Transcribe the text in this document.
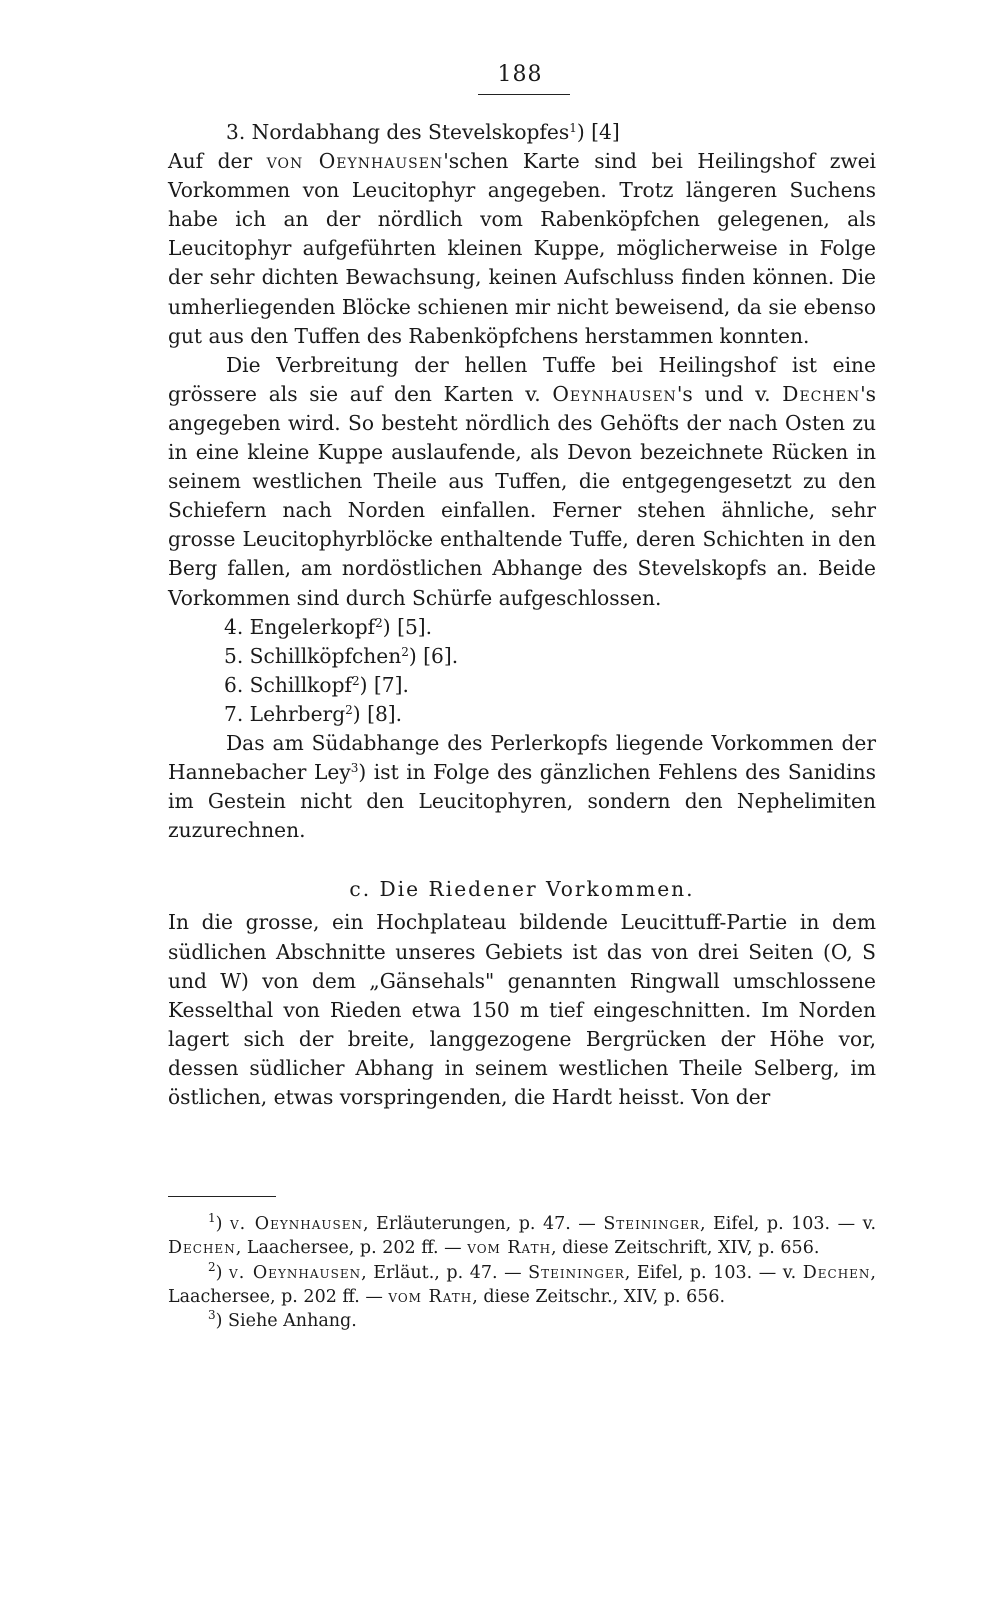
188

3. Nordabhang des Stevelskopfes$^1$) [4]

Auf der von Oeynhausen'schen Karte sind bei Heilingshof zwei Vorkommen von Leucitophyr angegeben. Trotz längeren Suchens habe ich an der nördlich vom Rabenköpfchen gelegenen, als Leucitophyr aufgeführten kleinen Kuppe, möglicherweise in Folge der sehr dichten Bewachsung, keinen Aufschluss finden können. Die umherliegenden Blöcke schienen mir nicht beweisend, da sie ebenso gut aus den Tuffen des Rabenköpfchens herstammen konnten.

Die Verbreitung der hellen Tuffe bei Heilingshof ist eine grössere als sie auf den Karten v. Oeynhausen's und v. Dechen's angegeben wird. So besteht nördlich des Gehöfts der nach Osten zu in eine kleine Kuppe auslaufende, als Devon bezeichnete Rücken in seinem westlichen Theile aus Tuffen, die entgegengesetzt zu den Schiefern nach Norden einfallen. Ferner stehen ähnliche, sehr grosse Leucitophyrblöcke enthaltende Tuffe, deren Schichten in den Berg fallen, am nordöstlichen Abhange des Stevelskopfs an. Beide Vorkommen sind durch Schürfe aufgeschlossen.

4. Engelerkopf$^2$) [5].

5. Schillköpfchen$^2$) [6].

6. Schillkopf$^2$) [7].

7. Lehrberg$^2$) [8].

Das am Südabhange des Perlerkopfs liegende Vorkommen der Hannebacher Ley$^3$) ist in Folge des gänzlichen Fehlens des Sanidins im Gestein nicht den Leucitophyren, sondern den Nephelimiten zuzurechnen.

c. Die Riedener Vorkommen.

In die grosse, ein Hochplateau bildende Leucittuff-Partie in dem südlichen Abschnitte unseres Gebiets ist das von drei Seiten (O, S und W) von dem „Gänsehals" genannten Ringwall umschlossene Kesselthal von Rieden etwa 150 m tief eingeschnitten. Im Norden lagert sich der breite, langgezogene Bergrücken der Höhe vor, dessen südlicher Abhang in seinem westlichen Theile Selberg, im östlichen, etwas vorspringenden, die Hardt heisst. Von der

$^1$) v. Oeynhausen, Erläuterungen, p. 47. — Steininger, Eifel, p. 103. — v. Dechen, Laachersee, p. 202 ff. — vom Rath, diese Zeitschrift, XIV, p. 656.

$^2$) v. Oeynhausen, Erläut., p. 47. — Steininger, Eifel, p. 103. — v. Dechen, Laachersee, p. 202 ff. — vom Rath, diese Zeitschr., XIV, p. 656.

$^3$) Siehe Anhang.
